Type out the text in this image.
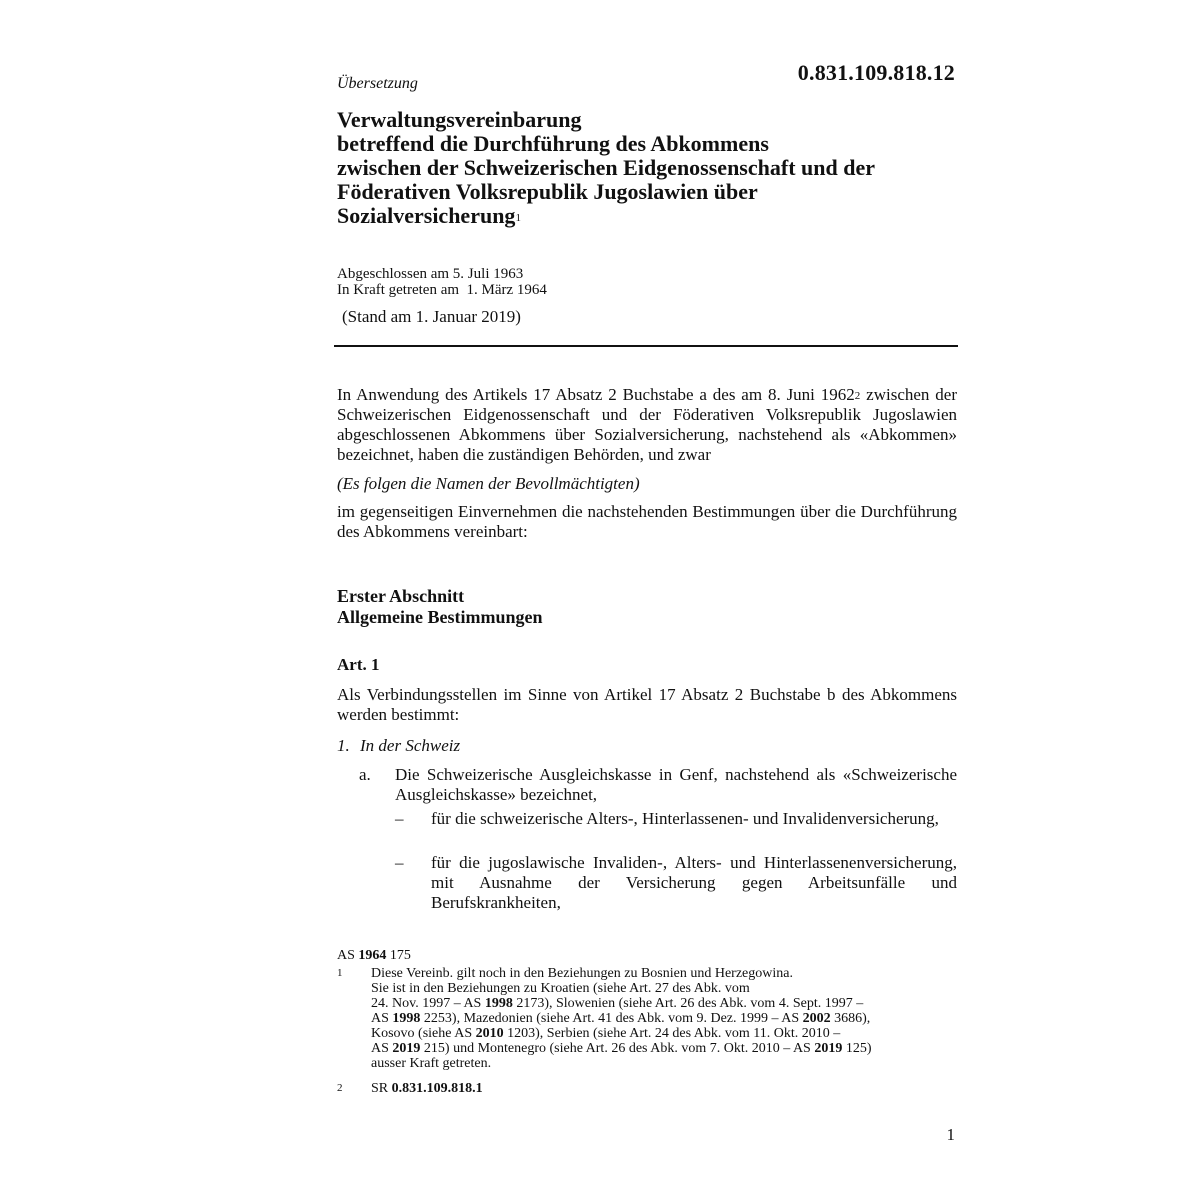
Übersetzung	0.831.109.818.12
Verwaltungsvereinbarung
betreffend die Durchführung des Abkommens
zwischen der Schweizerischen Eidgenossenschaft und der
Föderativen Volksrepublik Jugoslawien über
Sozialversicherung$^1$
Abgeschlossen am 5. Juli 1963
In Kraft getreten am  1. März 1964
(Stand am 1. Januar 2019)
In Anwendung des Artikels 17 Absatz 2 Buchstabe a des am 8. Juni 1962$^2$ zwischen der Schweizerischen Eidgenossenschaft und der Föderativen Volksrepublik Jugoslawien abgeschlossenen Abkommens über Sozialversicherung, nachstehend als «Abkommen» bezeichnet, haben die zuständigen Behörden, und zwar
(Es folgen die Namen der Bevollmächtigten)
im gegenseitigen Einvernehmen die nachstehenden Bestimmungen über die Durchführung des Abkommens vereinbart:
Erster Abschnitt
Allgemeine Bestimmungen
Art. 1
Als Verbindungsstellen im Sinne von Artikel 17 Absatz 2 Buchstabe b des Abkommens werden bestimmt:
1. In der Schweiz
a. Die Schweizerische Ausgleichskasse in Genf, nachstehend als «Schweizerische Ausgleichskasse» bezeichnet,
– für die schweizerische Alters-, Hinterlassenen- und Invalidenversicherung,
– für die jugoslawische Invaliden-, Alters- und Hinterlassenenversicherung, mit Ausnahme der Versicherung gegen Arbeitsunfälle und Berufskrankheiten,
AS 1964 175
1 Diese Vereinb. gilt noch in den Beziehungen zu Bosnien und Herzegowina.
Sie ist in den Beziehungen zu Kroatien (siehe Art. 27 des Abk. vom
24. Nov. 1997 – AS 1998 2173), Slowenien (siehe Art. 26 des Abk. vom 4. Sept. 1997 –
AS 1998 2253), Mazedonien (siehe Art. 41 des Abk. vom 9. Dez. 1999 – AS 2002 3686),
Kosovo (siehe AS 2010 1203), Serbien (siehe Art. 24 des Abk. vom 11. Okt. 2010 –
AS 2019 215) und Montenegro (siehe Art. 26 des Abk. vom 7. Okt. 2010 – AS 2019 125)
ausser Kraft getreten.
2 SR 0.831.109.818.1
1
